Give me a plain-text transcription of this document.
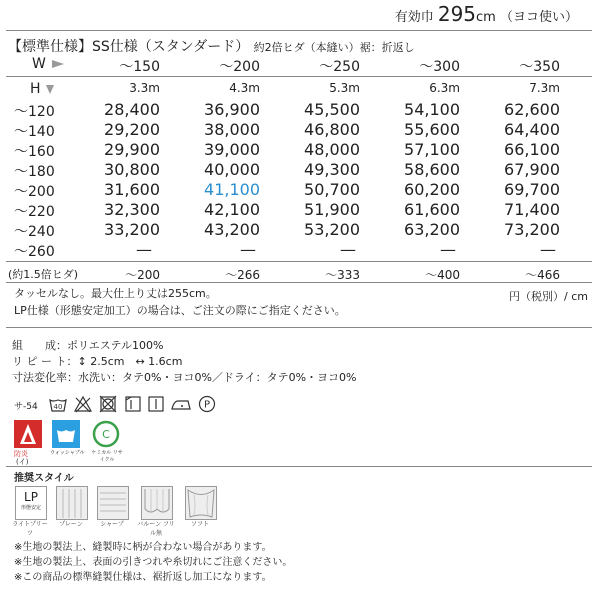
有効巾 295cm （ヨコ使い）
【標準仕様】SS仕様（スタンダード） 約2倍ヒダ（本縫い）裾：折返し
W	～150	～200	～250	～300	～350
H	3.3m	4.3m	5.3m	6.3m	7.3m
～120	28,400	36,900	45,500	54,100	62,600
～140	29,200	38,000	46,800	55,600	64,400
～160	29,900	39,000	48,000	57,100	66,100
～180	30,800	40,000	49,300	58,600	67,900
～200	31,600	41,100	50,700	60,200	69,700
～220	32,300	42,100	51,900	61,600	71,400
～240	33,200	43,200	53,200	63,200	73,200
～260	—	—	—	—	—
(約1.5倍ヒダ)	～200	～266	～333	～400	～466
タッセルなし。最大仕上り丈は255cm。	円（税別）/ cm
LP仕様（形態安定加工）の場合は、ご注文の際にご指定ください。
組　　成：ポリエステル100%
リ ピ ー ト：↕ 2.5cm　↔ 1.6cm
寸法変化率：水洗い：タテ0%・ヨコ0%／ドライ：タテ0%・ヨコ0%
サ-54 40	P
防炎
(イ)
ウォッシャブル
C
ケミカル リサイクル
推奨スタイル
LP
形態安定
ライトプリーツ
プレーン	シャープ	バルーン フリル無
ソフト
※生地の製法上、縫製時に柄が合わない場合があります。
※生地の製法上、表面の引きつれや糸切れにご注意ください。
※この商品の標準縫製仕様は、裾折返し加工になります。
